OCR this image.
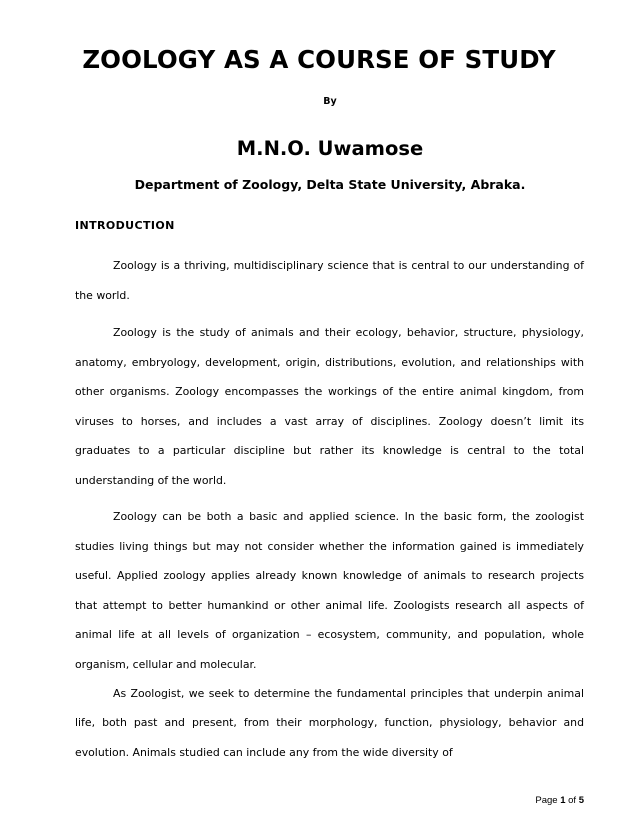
ZOOLOGY AS A COURSE OF STUDY
By
M.N.O. Uwamose
Department of Zoology, Delta State University, Abraka.
INTRODUCTION

Zoology is a thriving, multidisciplinary science that is central to our understanding of the world.

Zoology is the study of animals and their ecology, behavior, structure, physiology, anatomy, embryology, development, origin, distributions, evolution, and relationships with other organisms. Zoology encompasses the workings of the entire animal kingdom, from viruses to horses, and includes a vast array of disciplines. Zoology doesn’t limit its graduates to a particular discipline but rather its knowledge is central to the total understanding of the world.

Zoology can be both a basic and applied science. In the basic form, the zoologist studies living things but may not consider whether the information gained is immediately useful. Applied zoology applies already known knowledge of animals to research projects that attempt to better humankind or other animal life. Zoologists research all aspects of animal life at all levels of organization – ecosystem, community, and population, whole organism, cellular and molecular.

As Zoologist, we seek to determine the fundamental principles that underpin animal life, both past and present, from their morphology, function, physiology, behavior and evolution. Animals studied can include any from the wide diversity of

Page 1 of 5
